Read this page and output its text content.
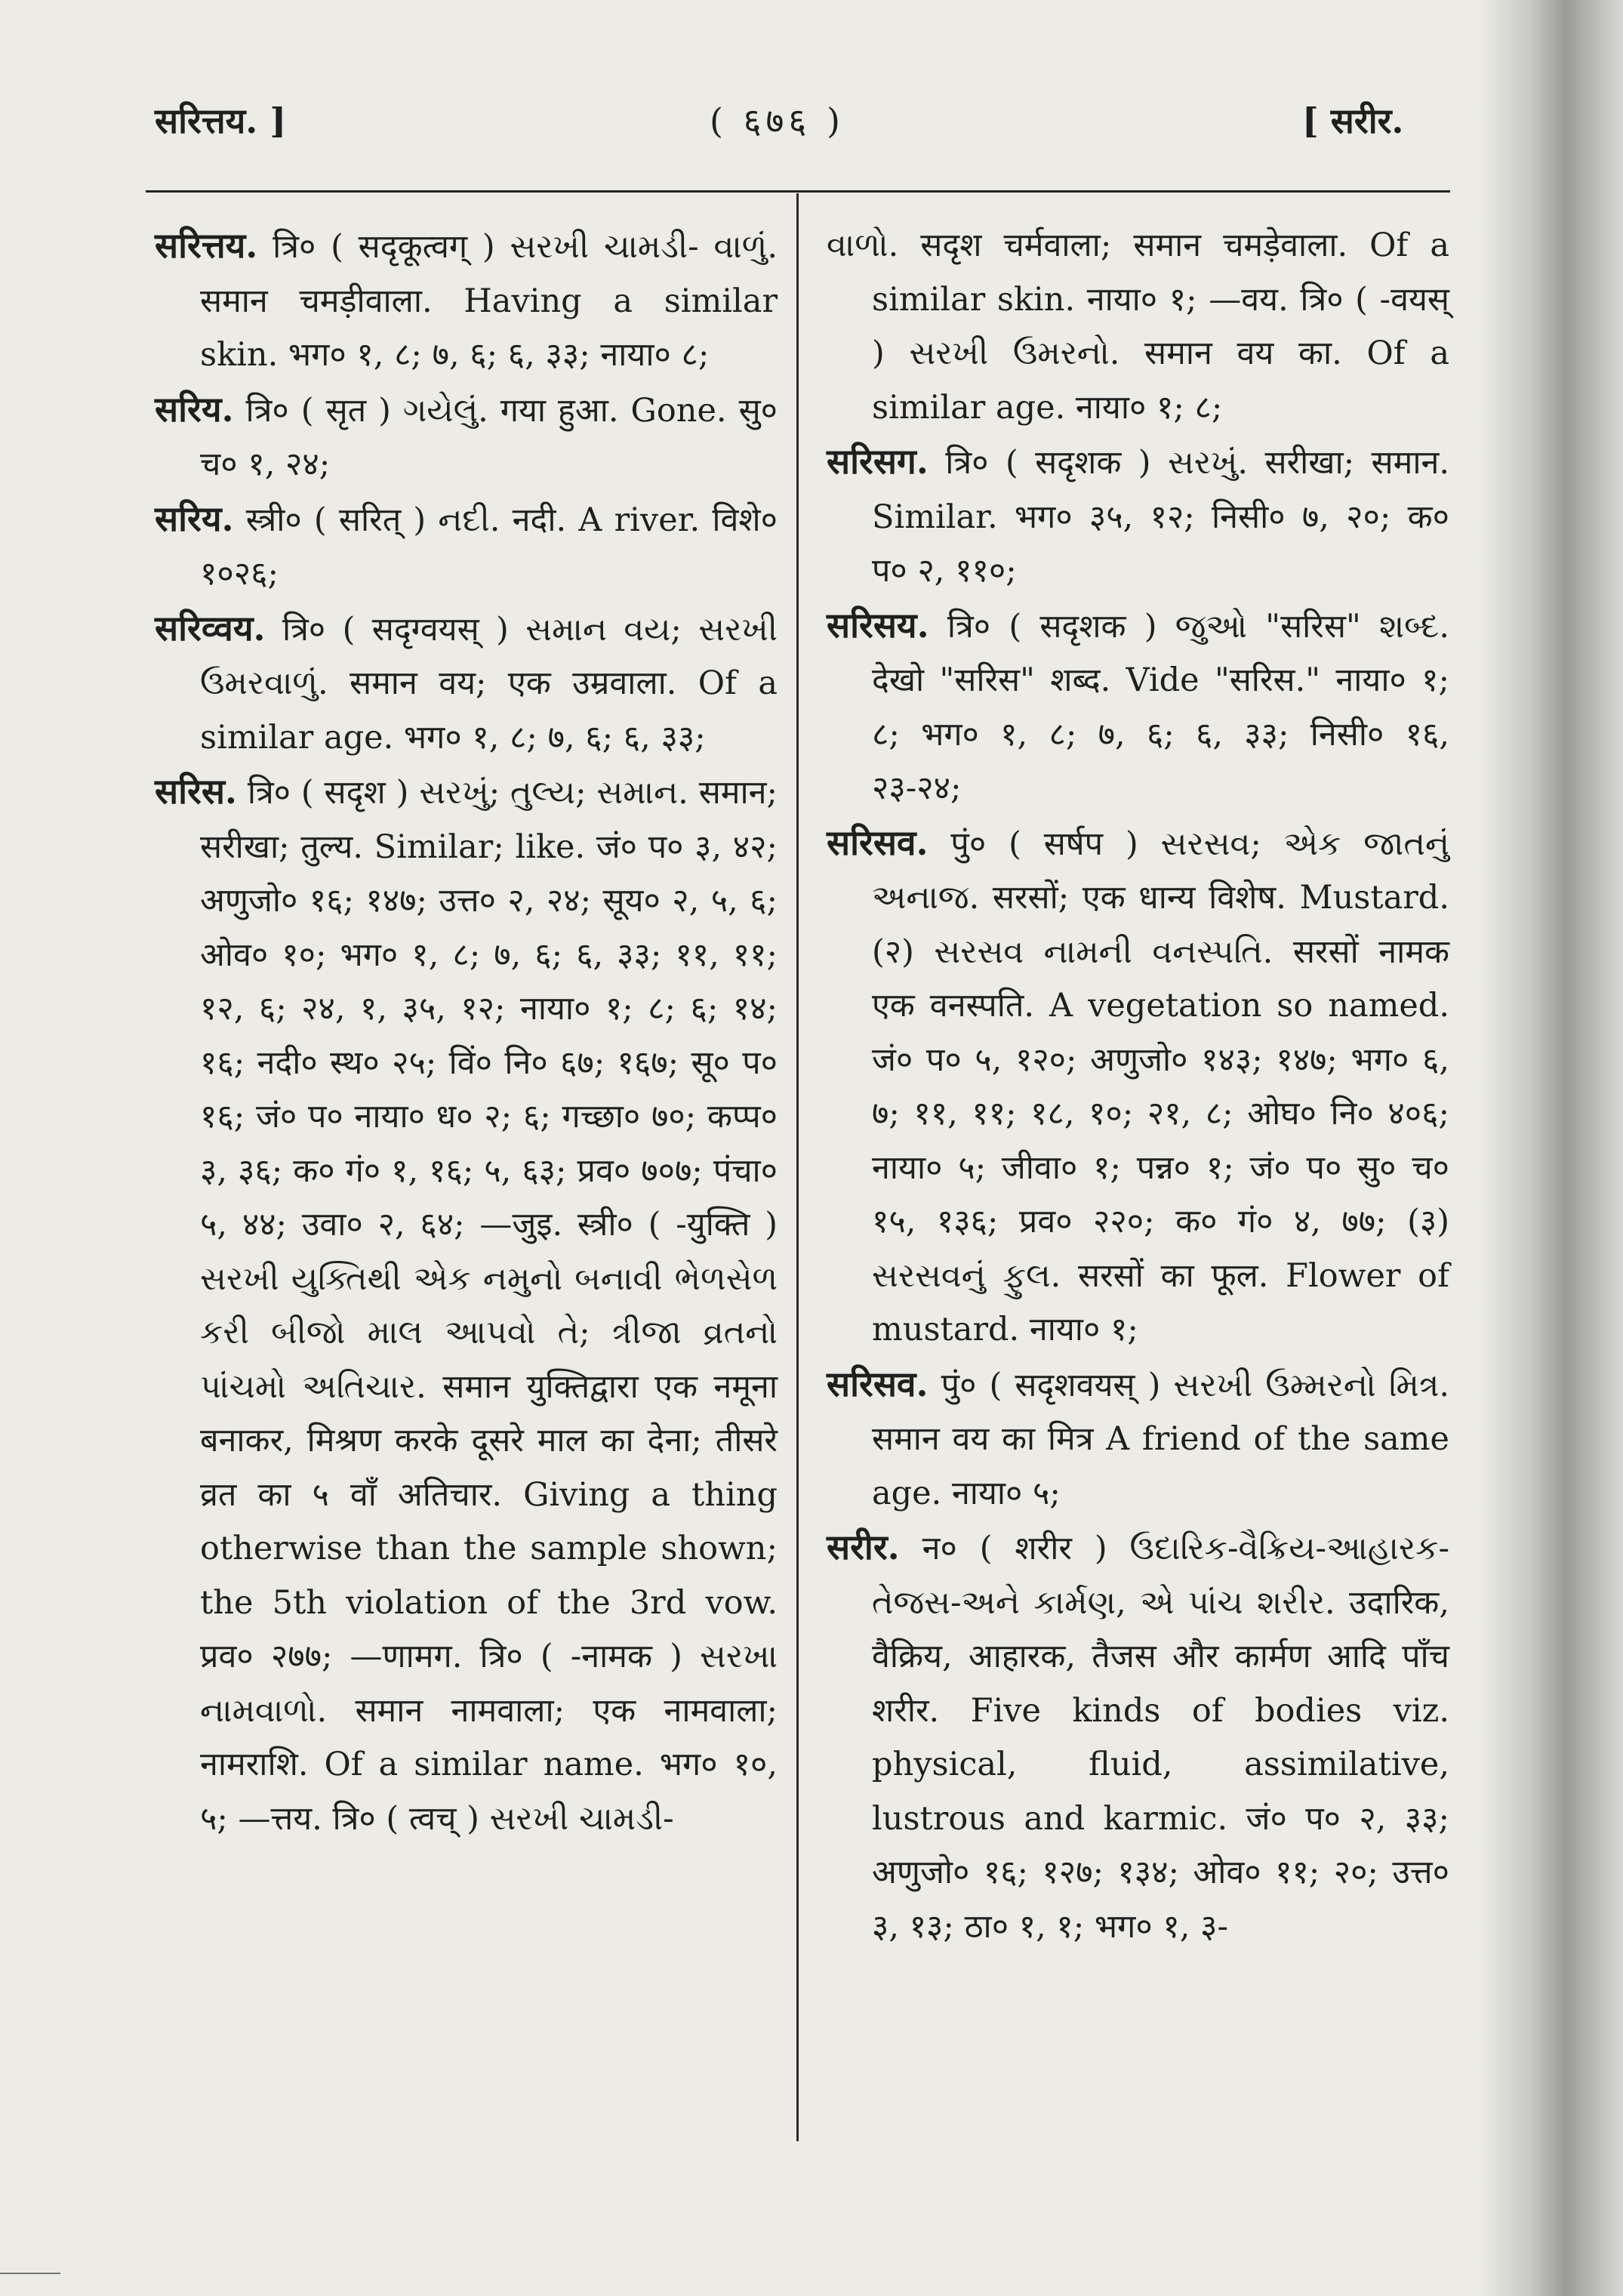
सरित्तय. ]	( ६७६ )	[ सरीर.

सरित्तय. त्रि० ( सदृकूत्वग् ) સરખી ચામડી- વાળું. समान चमड़ीवाला. Having a similar skin. भग० १, ८; ७, ६; ६, ३३; नाया० ८;

सरिय. त्रि० ( सृत ) ગયેલું. गया हुआ. Gone. सु० च० १, २४;

सरिय. स्त्री० ( सरित् ) નદી. नदी. A river. विशे० १०२६;

सरिव्वय. त्रि० ( सदृग्वयस् ) સમાન વય; સરખી ઉમરવાળું. समान वय; एक उम्रवाला. Of a similar age. भग० १, ८; ७, ६; ६, ३३;

सरिस. त्रि० ( सदृश ) સરખું; તુલ્ય; સમાન. समान; सरीखा; तुल्य. Similar; like. जं० प० ३, ४२; अणुजो० १६; १४७; उत्त० २, २४; सूय० २, ५, ६; ओव० १०; भग० १, ८; ७, ६; ६, ३३; ११, ११; १२, ६; २४, १, ३५, १२; नाया० १; ८; ६; १४; १६; नदी० स्थ० २५; विं० नि० ६७; १६७; सू० प० १६; जं० प० नाया० ध० २; ६; गच्छा० ७०; कप्प० ३, ३६; क० गं० १, १६; ५, ६३; प्रव० ७०७; पंचा० ५, ४४; उवा० २, ६४; —जुइ. स्त्री० ( -युक्ति ) સરખી યુક્તિથી એક નમુનો બનાવી ભેળસેળ કરી બીજો માલ આપવો તે; ત્રીજા વ્રતનો પાંચમો અતિચાર. समान युक्तिद्वारा एक नमूना बनाकर, मिश्रण करके दूसरे माल का देना; तीसरे व्रत का ५ वाँ अतिचार. Giving a thing otherwise than the sample shown; the 5th violation of the 3rd vow. प्रव० २७७; —णामग. त्रि० ( -नामक ) સરખા નામવાળો. समान नामवाला; एक नामवाला; नामराशि. Of a similar name. भग० १०, ५; —त्तय. त्रि० ( त्वच् ) સરખી ચામડી-

વાળો. सदृश चर्मवाला; समान चमड़ेवाला. Of a similar skin. नाया० १; —वय. त्रि० ( -वयस् ) સરખી ઉમરનો. समान वय का. Of a similar age. नाया० १; ८;

सरिसग. त्रि० ( सदृशक ) સરખું. सरीखा; समान. Similar. भग० ३५, १२; निसी० ७, २०; क० प० २, ११०;

सरिसय. त्रि० ( सदृशक ) જુઓ "सरिस" શબ્દ. देखो "सरिस" शब्द. Vide "सरिस." नाया० १; ८; भग० १, ८; ७, ६; ६, ३३; निसी० १६, २३-२४;

सरिसव. पुं० ( सर्षप ) સરસવ; એક જાતનું અનાજ. सरसों; एक धान्य विशेष. Mustard. (२) સરસવ નામની વનસ્પતિ. सरसों नामक एक वनस्पति. A vegetation so named. जं० प० ५, १२०; अणुजो० १४३; १४७; भग० ६, ७; ११, ११; १८, १०; २१, ८; ओघ० नि० ४०६; नाया० ५; जीवा० १; पन्न० १; जं० प० सु० च० १५, १३६; प्रव० २२०; क० गं० ४, ७७; (३) સરસવનું ફુલ. सरसों का फूल. Flower of mustard. नाया० १;

सरिसव. पुं० ( सदृशवयस् ) સરખી ઉમ્મરનો મિત્ર. समान वय का मित्र A friend of the same age. नाया० ५;

सरीर. न० ( शरीर ) ઉદારિક-વૈક્રિય-આહારક-તેજસ-અને કાર્મણ, એ પાંચ શરીર. उदारिक, वैक्रिय, आहारक, तैजस और कार्मण आदि पाँच शरीर. Five kinds of bodies viz. physical, fluid, assimilative, lustrous and karmic. जं० प० २, ३३; अणुजो० १६; १२७; १३४; ओव० ११; २०; उत्त० ३, १३; ठा० १, १; भग० १, ३-
